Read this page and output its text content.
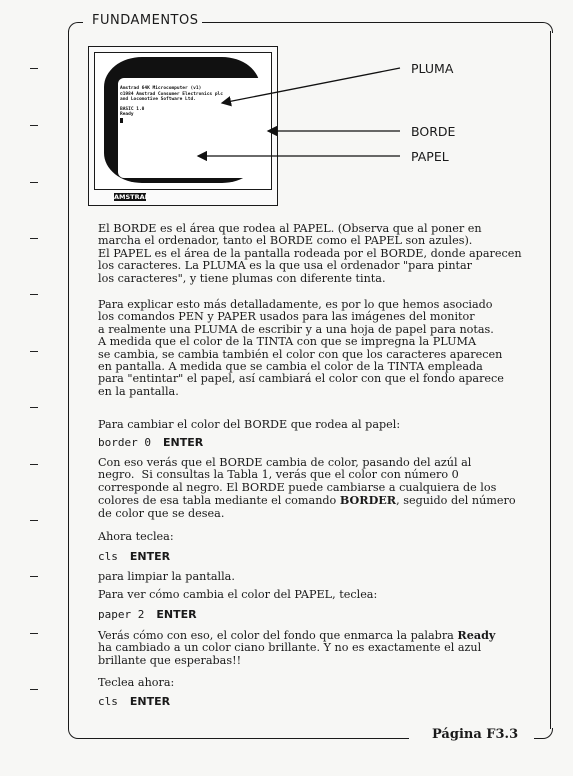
FUNDAMENTOS
Amstrad 64K Microcomputer (v1)
©1984 Amstrad Consumer Electronics plc
and Locomotive Software Ltd.
BASIC 1.0
Ready
AMSTRAD
PLUMA
BORDE
PAPEL
El BORDE es el área que rodea al PAPEL. (Observa que al poner en
marcha el ordenador, tanto el BORDE como el PAPEL son azules).
El PAPEL es el área de la pantalla rodeada por el BORDE, donde aparecen
los caracteres. La PLUMA es la que usa el ordenador "para pintar
los caracteres", y tiene plumas con diferente tinta.
Para explicar esto más detalladamente, es por lo que hemos asociado
los comandos PEN y PAPER usados para las imágenes del monitor
a realmente una PLUMA de escribir y a una hoja de papel para notas.
A medida que el color de la TINTA con que se impregna la PLUMA
se cambia, se cambia también el color con que los caracteres aparecen
en pantalla. A medida que se cambia el color de la TINTA empleada
para "entintar" el papel, así cambiará el color con que el fondo aparece
en la pantalla.
Para cambiar el color del BORDE que rodea al papel:
border 0 ENTER
Con eso verás que el BORDE cambia de color, pasando del azúl al
negro.  Si consultas la Tabla 1, verás que el color con número 0
corresponde al negro. El BORDE puede cambiarse a cualquiera de los
colores de esa tabla mediante el comando BORDER, seguido del número
de color que se desea.
Ahora teclea:
cls ENTER
para limpiar la pantalla.
Para ver cómo cambia el color del PAPEL, teclea:
paper 2 ENTER
Verás cómo con eso, el color del fondo que enmarca la palabra Ready
ha cambiado a un color ciano brillante. Y no es exactamente el azul
brillante que esperabas!!
Teclea ahora:
cls ENTER
Página F3.3
